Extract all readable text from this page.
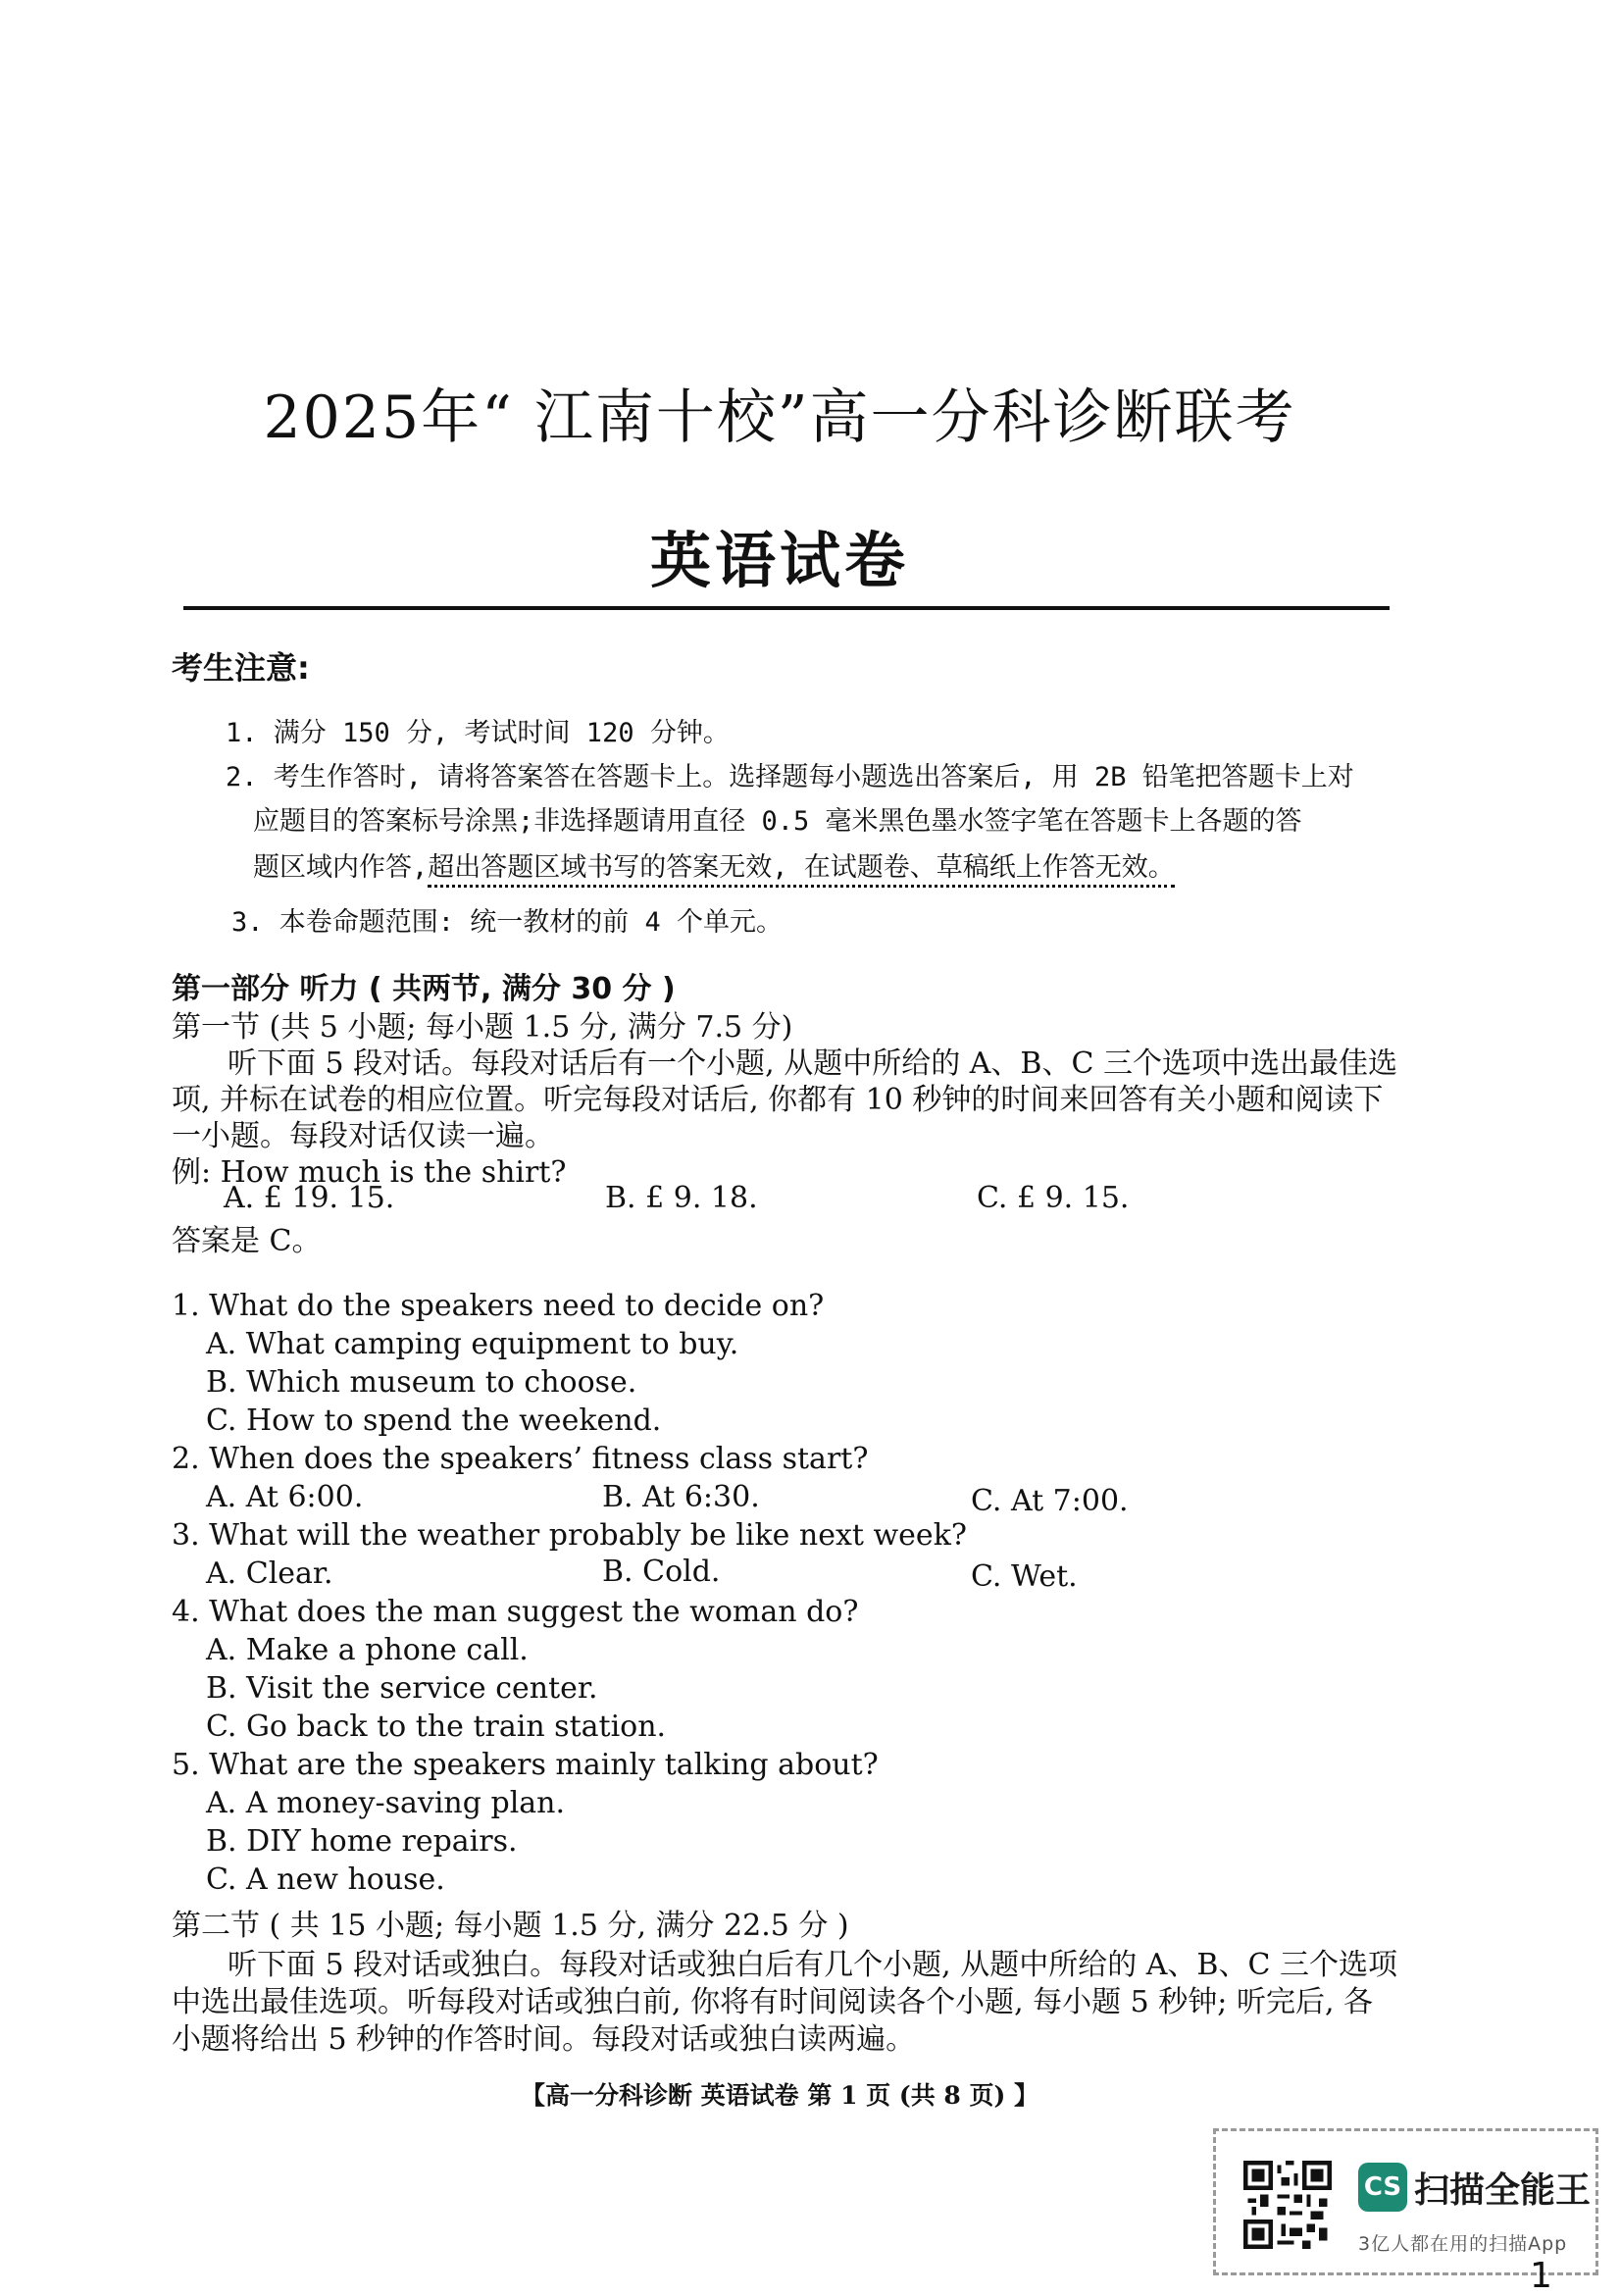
2025年“ 江南十校”高一分科诊断联考
英语试卷
考生注意:
1. 满分 150 分, 考试时间 120 分钟。
2. 考生作答时, 请将答案答在答题卡上。选择题每小题选出答案后, 用 2B 铅笔把答题卡上对
应题目的答案标号涂黑;非选择题请用直径 0.5 毫米黑色墨水签字笔在答题卡上各题的答
题区域内作答,超出答题区域书写的答案无效, 在试题卷、草稿纸上作答无效。
3. 本卷命题范围: 统一教材的前 4 个单元。
第一部分 听力 ( 共两节, 满分 30 分 )
第一节 (共 5 小题; 每小题 1.5 分, 满分 7.5 分)
听下面 5 段对话。每段对话后有一个小题, 从题中所给的 A、B、C 三个选项中选出最佳选
项, 并标在试卷的相应位置。听完每段对话后, 你都有 10 秒钟的时间来回答有关小题和阅读下
一小题。每段对话仅读一遍。
例: How much is the shirt?
A. £ 19. 15.	B. £ 9. 18.	C. £ 9. 15.
答案是 C。
1. What do the speakers need to decide on?
A. What camping equipment to buy.
B. Which museum to choose.
C. How to spend the weekend.
2. When does the speakers’ fitness class start?
A. At 6:00.	B. At 6:30.	C. At 7:00.
3. What will the weather probably be like next week?
A. Clear.	B. Cold.	C. Wet.
4. What does the man suggest the woman do?
A. Make a phone call.
B. Visit the service center.
C. Go back to the train station.
5. What are the speakers mainly talking about?
A. A money-saving plan.
B. DIY home repairs.
C. A new house.
第二节 ( 共 15 小题; 每小题 1.5 分, 满分 22.5 分 )
听下面 5 段对话或独白。每段对话或独白后有几个小题, 从题中所给的 A、B、C 三个选项
中选出最佳选项。听每段对话或独白前, 你将有时间阅读各个小题, 每小题 5 秒钟; 听完后, 各
小题将给出 5 秒钟的作答时间。每段对话或独白读两遍。
【高一分科诊断 英语试卷 第 1 页 (共 8 页) 】
CS 扫描全能王
3亿人都在用的扫描App
1
